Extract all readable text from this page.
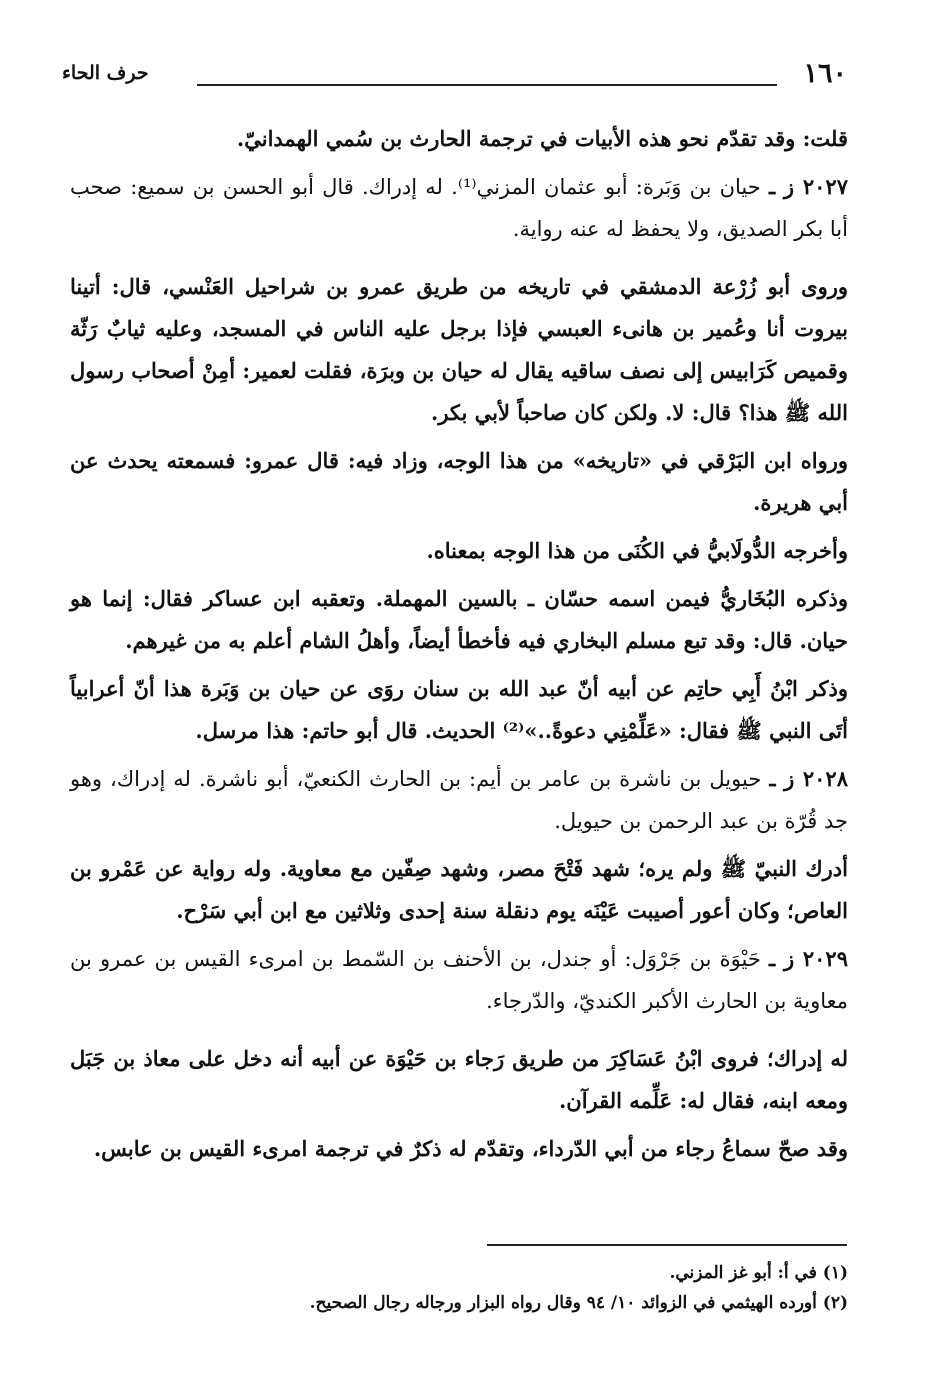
١٦٠
حرف الحاء

قلت: وقد تقدّم نحو هذه الأبيات في ترجمة الحارث بن سُمي الهمدانيّ.

٢٠٢٧ ز ـ حيان بن وَبَرة: أبو عثمان المزني⁽¹⁾. له إدراك. قال أبو الحسن بن سميع: صحب أبا بكر الصديق، ولا يحفظ له عنه رواية.

وروى أبو زُرْعة الدمشقي في تاريخه من طريق عمرو بن شراحيل العَنْسي، قال: أتينا بيروت أنا وعُمير بن هانىء العبسي فإذا برجل عليه الناس في المسجد، وعليه ثيابٌ رَثّة وقميص كَرَابيس إلى نصف ساقيه يقال له حيان بن وبرَة، فقلت لعمير: أمِنْ أصحاب رسول الله ﷺ هذا؟ قال: لا. ولكن كان صاحباً لأبي بكر.

ورواه ابن البَرْقي في «تاريخه» من هذا الوجه، وزاد فيه: قال عمرو: فسمعته يحدث عن أبي هريرة.

وأخرجه الدُّولَابيُّ في الكُنَى من هذا الوجه بمعناه.

وذكره البُخَاريُّ فيمن اسمه حسّان ـ بالسين المهملة. وتعقبه ابن عساكر فقال: إنما هو حيان. قال: وقد تبع مسلم البخاري فيه فأخطأ أيضاً، وأهلُ الشام أعلم به من غيرهم.

وذكر ابْنُ أَبِي حاتِم عن أبيه أنّ عبد الله بن سنان روَى عن حيان بن وَبَرة هذا أنّ أعرابياً أتَى النبي ﷺ فقال: «عَلِّمْنِي دعوةً..»⁽²⁾ الحديث. قال أبو حاتم: هذا مرسل.

٢٠٢٨ ز ـ حيويل بن ناشرة بن عامر بن أيم: بن الحارث الكنعيّ، أبو ناشرة. له إدراك، وهو جد قُرّة بن عبد الرحمن بن حيويل.

أدرك النبيّ ﷺ ولم يره؛ شهد فَتْحَ مصر، وشهد صِفّين مع معاوية. وله رواية عن عَمْرو بن العاص؛ وكان أعور أصيبت عَيْنَه يوم دنقلة سنة إحدى وثلاثين مع ابن أبي سَرْح.

٢٠٢٩ ز ـ حَيْوَة بن جَرْوَل: أو جندل، بن الأحنف بن السّمط بن امرىء القيس بن عمرو بن معاوية بن الحارث الأكبر الكنديّ، والدّرجاء.

له إدراك؛ فروى ابْنُ عَسَاكِرَ من طريق رَجاء بن حَيْوَة عن أبيه أنه دخل على معاذ بن جَبَل ومعه ابنه، فقال له: عَلِّمه القرآن.

وقد صحّ سماعُ رجاء من أبي الدّرداء، وتقدّم له ذكرٌ في ترجمة امرىء القيس بن عابس.

(١) في أ: أبو غز المزني.

(٢) أورده الهيثمي في الزوائد ١٠/ ٩٤ وقال رواه البزار ورجاله رجال الصحيح.
